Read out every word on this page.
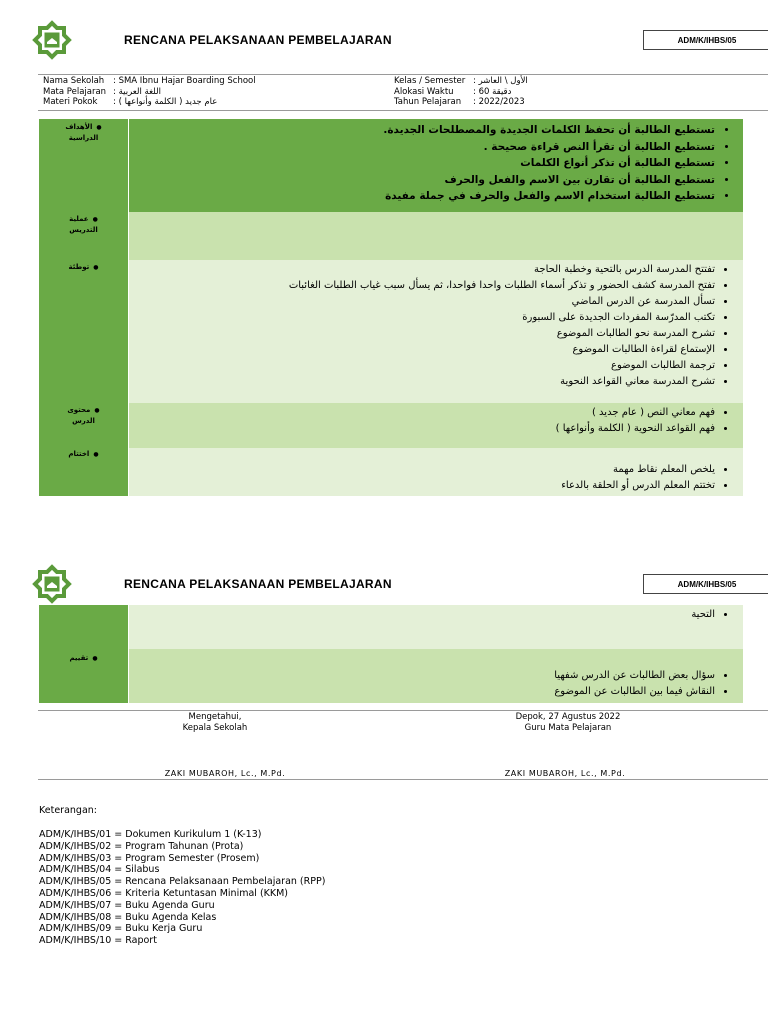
RENCANA PELAKSANAAN PEMBELAJARAN	ADM/K/IHBS/05
Nama Sekolah	: SMA Ibnu Hajar Boarding School
Mata Pelajaran : اللغة العربية
Materi Pokok	: عام جديد ( الكلمة وأنواعها )
Kelas / Semester : الأول \ العاشر
Alokasi Waktu	: 60 دقيقة
Tahun Pelajaran	: 2022/2023
●الأهداف الدراسية
• تستطيع الطالبة أن تحفظ الكلمات الجديدة والمصطلحات الجديدة.
• تستطيع الطالبة أن تقرأ النص قراءة صحيحة .
• تستطيع الطالبة أن تذكر أنواع الكلمات
• تستطيع الطالبة أن تقارن بين الاسم والفعل والحرف
• تستطيع الطالبة استخدام الاسم والفعل والحرف في جملة مفيدة
●عملية التدريس
●توطئة
•	تفتتح المدرسة الدرس بالتحية وخطبة الحاجة
• تفتح المدرسة كشف الحضور و تذكر أسماء الطلبات واحدا فواحدا، ثم يسأل سبب غياب الطلبات الغائبات
• تسأل المدرسة عن الدرس الماضي
• تكتب المدرّسة المفردات الجديدة على السبورة
• تشرح المدرسة نحو الطالبات الموضوع
• الإستماع لقراءة الطالبات الموضوع
• ترجمة الطالبات الموضوع
• تشرح المدرسة معاني القواعد النحوية
●محتوى الدرس
• فهم معاني النص ( عام جديد )
• فهم القواعد النحوية ( الكلمة وأنواعها )
●اختتام
• يلخص المعلم نقاط مهمة
• تختتم المعلم الدرس أو الحلقة بالدعاء
RENCANA PELAKSANAAN PEMBELAJARAN	ADM/K/IHBS/05
• التحية
●تقييم
• سؤال بعض الطالبات عن الدرس شفهيا
• النقاش فيما بين الطالبات عن الموضوع
Mengetahui,
Kepala Sekolah
Depok, 27 Agustus 2022
Guru Mata Pelajaran
ZAKI MUBAROH, Lc., M.Pd.	ZAKI MUBAROH, Lc., M.Pd.
Keterangan:
ADM/K/IHBS/01 = Dokumen Kurikulum 1 (K-13)
ADM/K/IHBS/02 = Program Tahunan (Prota)
ADM/K/IHBS/03 = Program Semester (Prosem)
ADM/K/IHBS/04 = Silabus
ADM/K/IHBS/05 = Rencana Pelaksanaan Pembelajaran (RPP)
ADM/K/IHBS/06 = Kriteria Ketuntasan Minimal (KKM)
ADM/K/IHBS/07 = Buku Agenda Guru
ADM/K/IHBS/08 = Buku Agenda Kelas
ADM/K/IHBS/09 = Buku Kerja Guru
ADM/K/IHBS/10 = Raport
